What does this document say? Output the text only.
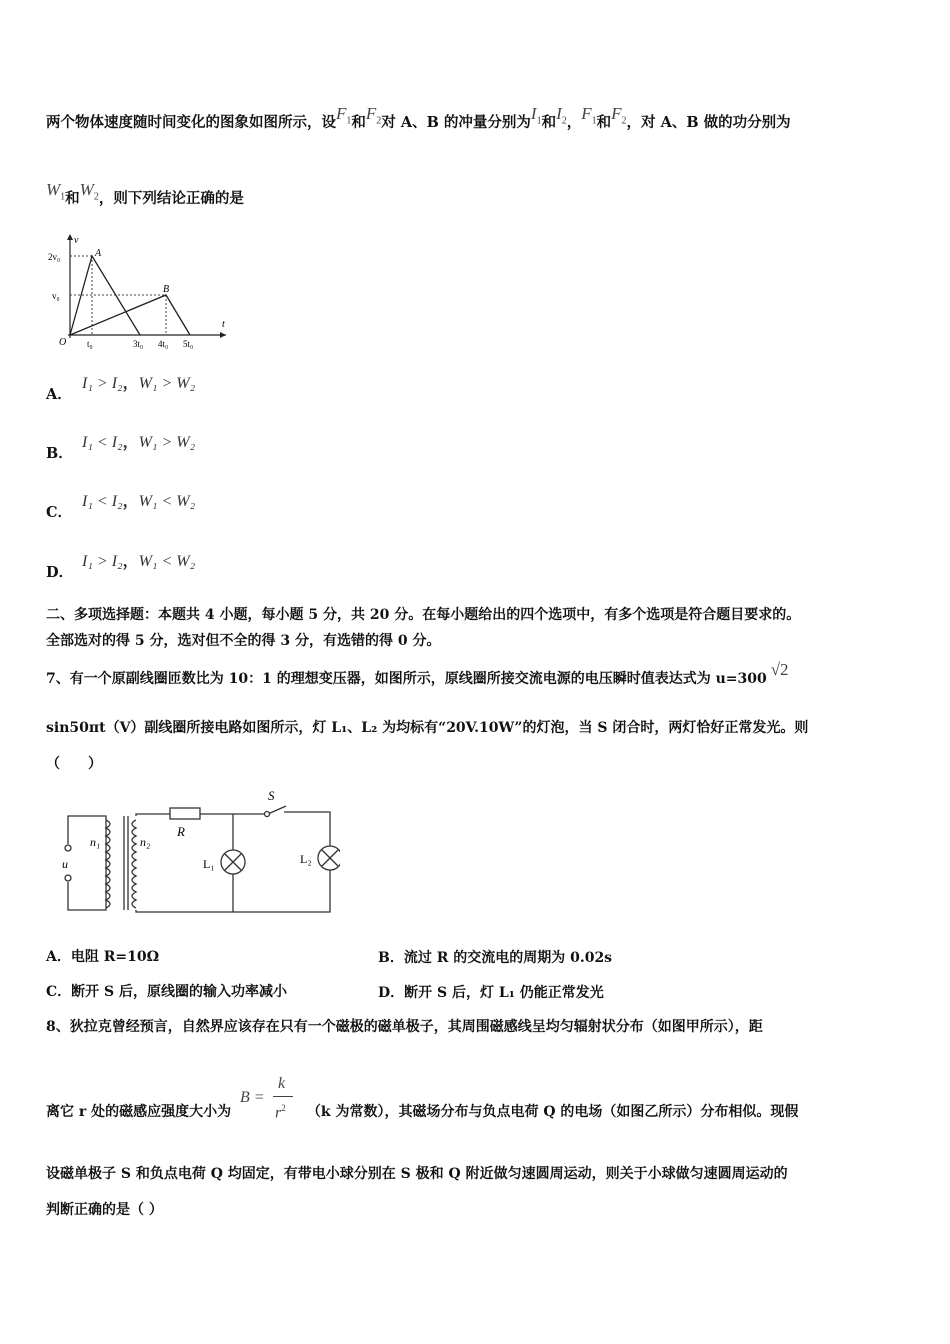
两个物体速度随时间变化的图象如图所示，设$F_1$和$F_2$对 A、B 的冲量分别为$I_1$和$I_2$，$F_1$和$F_2$，对 A、B 做的功分别为
$W_1$和$W_2$，则下列结论正确的是
v
t
2v₀
v₀
O
A
B
t₀	3t₀ 4t₀ 5t₀
A．
I₁ > I₂，W₁ > W₂
B．
I₁ < I₂，W₁ > W₂
C．
I₁ < I₂，W₁ < W₂
D．
I₁ > I₂，W₁ < W₂
二、多项选择题：本题共 4 小题，每小题 5 分，共 20 分。在每小题给出的四个选项中，有多个选项是符合题目要求的。
全部选对的得 5 分，选对但不全的得 3 分，有选错的得 0 分。
7、有一个原副线圈匝数比为 10：1 的理想变压器，如图所示，原线圈所接交流电源的电压瞬时值表达式为 u=300 √2
sin50πt（V）副线圈所接电路如图所示，灯 L₁、L₂ 为均标有“20V.10W”的灯泡，当 S 闭合时，两灯恰好正常发光。则
（　　）
n₁	n₂
u
R
S
L₁	L₂
A．电阻 R=10Ω	B．流过 R 的交流电的周期为 0.02s
C．断开 S 后，原线圈的输入功率减小	D．断开 S 后，灯 L₁ 仍能正常发光
8、狄拉克曾经预言，自然界应该存在只有一个磁极的磁单极子，其周围磁感线呈均匀辐射状分布（如图甲所示），距
离它 r 处的磁感应强度大小为
B =
k
$r^2$ （k 为常数），其磁场分布与负点电荷 Q 的电场（如图乙所示）分布相似。现假
设磁单极子 S 和负点电荷 Q 均固定，有带电小球分别在 S 极和 Q 附近做匀速圆周运动，则关于小球做匀速圆周运动的
判断正确的是（ ）
